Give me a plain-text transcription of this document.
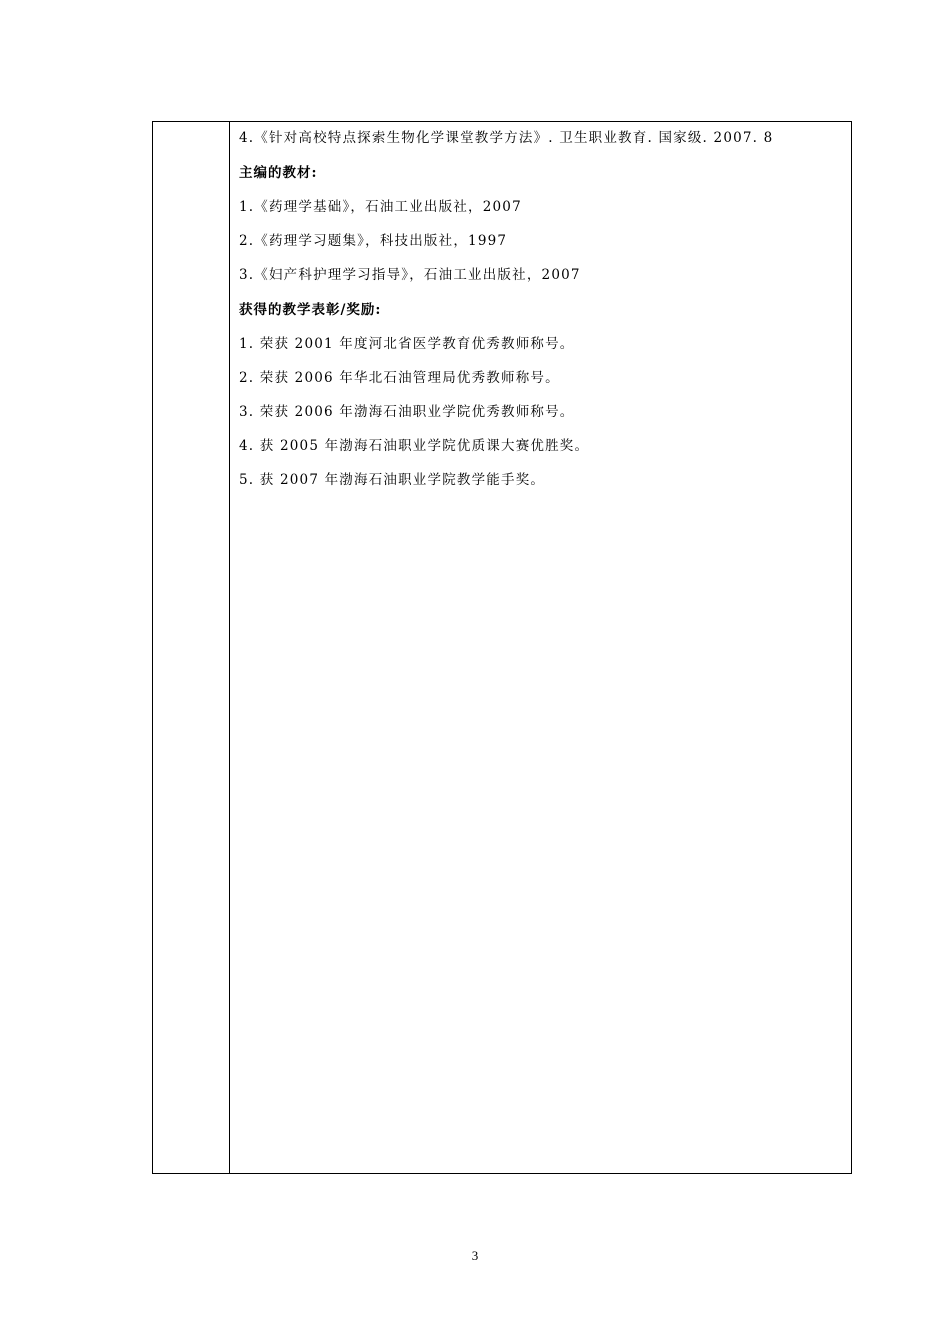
4.《针对高校特点探索生物化学课堂教学方法》. 卫生职业教育. 国家级. 2007. 8
主编的教材:
1.《药理学基础》，石油工业出版社，2007
2.《药理学习题集》，科技出版社，1997
3.《妇产科护理学习指导》，石油工业出版社，2007
获得的教学表彰/奖励:
1. 荣获 2001 年度河北省医学教育优秀教师称号。
2. 荣获 2006 年华北石油管理局优秀教师称号。
3. 荣获 2006 年渤海石油职业学院优秀教师称号。
4. 获 2005 年渤海石油职业学院优质课大赛优胜奖。
5. 获 2007 年渤海石油职业学院教学能手奖。
3
